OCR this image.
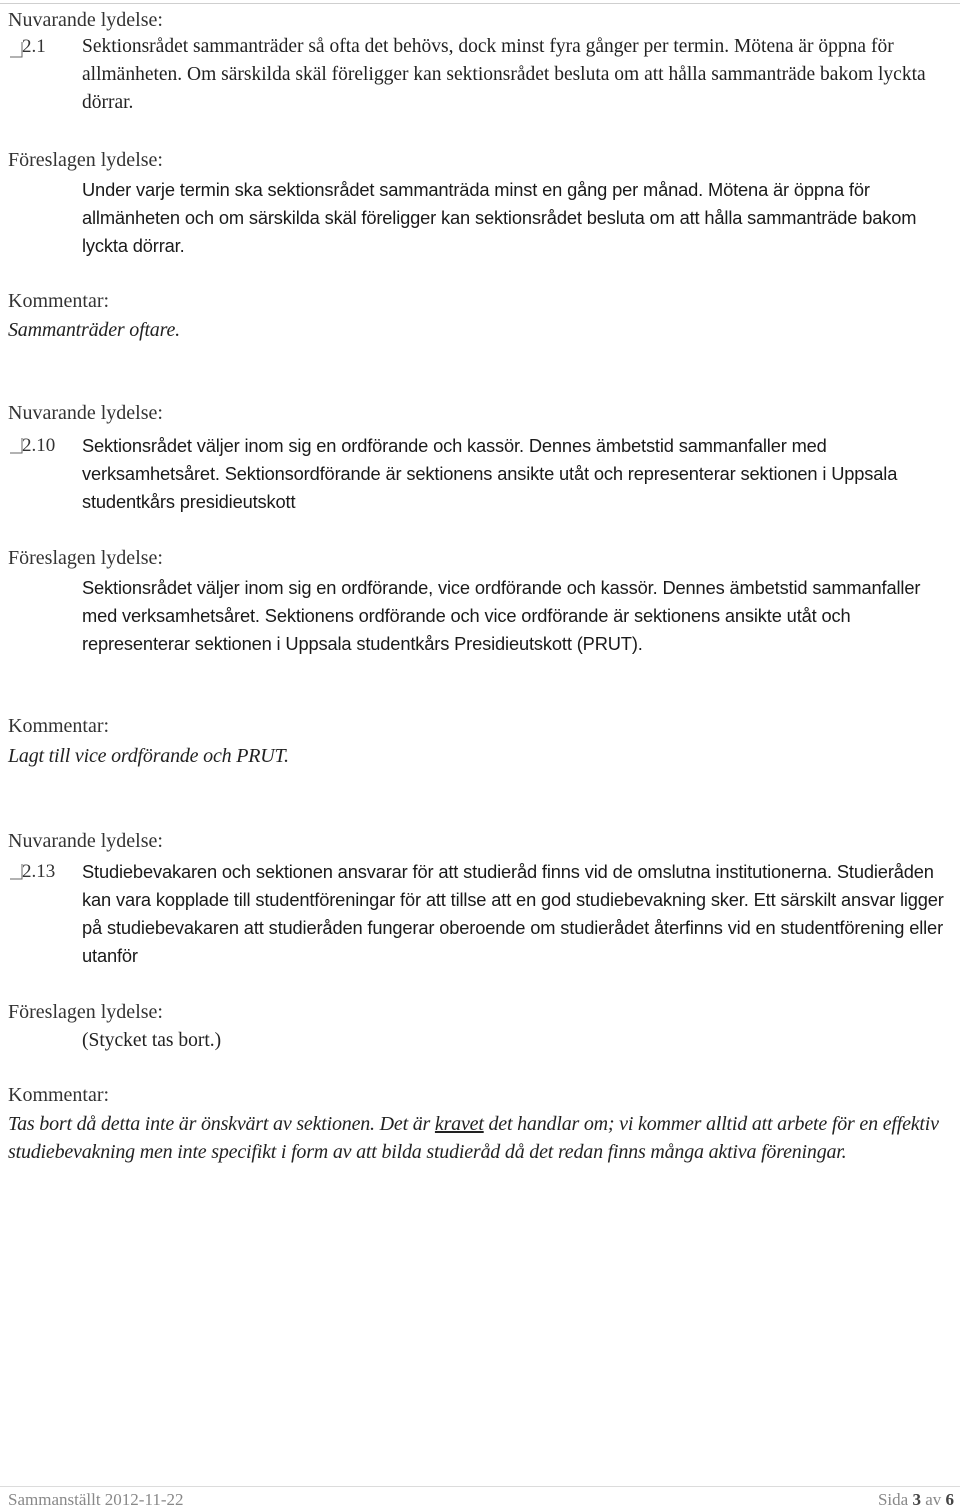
Nuvarande lydelse:
2.1 Sektionsrådet sammanträder så ofta det behövs, dock minst fyra gånger per termin. Mötena är öppna för allmänheten. Om särskilda skäl föreligger kan sektionsrådet besluta om att hålla sammanträde bakom lyckta dörrar.
Föreslagen lydelse:
Under varje termin ska sektionsrådet sammanträda minst en gång per månad. Mötena är öppna för allmänheten och om särskilda skäl föreligger kan sektionsrådet besluta om att hålla sammanträde bakom lyckta dörrar.
Kommentar:
Sammanträder oftare.
Nuvarande lydelse:
2.10 Sektionsrådet väljer inom sig en ordförande och kassör. Dennes ämbetstid sammanfaller med verksamhetsåret. Sektionsordförande är sektionens ansikte utåt och representerar sektionen i Uppsala studentkårs presidieutskott
Föreslagen lydelse:
Sektionsrådet väljer inom sig en ordförande, vice ordförande och kassör. Dennes ämbetstid sammanfaller med verksamhetsåret. Sektionens ordförande och vice ordförande är sektionens ansikte utåt och representerar sektionen i Uppsala studentkårs Presidieutskott (PRUT).
Kommentar:
Lagt till vice ordförande och PRUT.
Nuvarande lydelse:
2.13 Studiebevakaren och sektionen ansvarar för att studieråd finns vid de omslutna institutionerna. Studieråden kan vara kopplade till studentföreningar för att tillse att en god studiebevakning sker. Ett särskilt ansvar ligger på studiebevakaren att studieråden fungerar oberoende om studierådet återfinns vid en studentförening eller utanför
Föreslagen lydelse:
(Stycket tas bort.)
Kommentar:
Tas bort då detta inte är önskvärt av sektionen. Det är kravet det handlar om; vi kommer alltid att arbete för en effektiv studiebevakning men inte specifikt i form av att bilda studieråd då det redan finns många aktiva föreningar.
Sammanställt 2012-11-22	Sida 3 av 6
